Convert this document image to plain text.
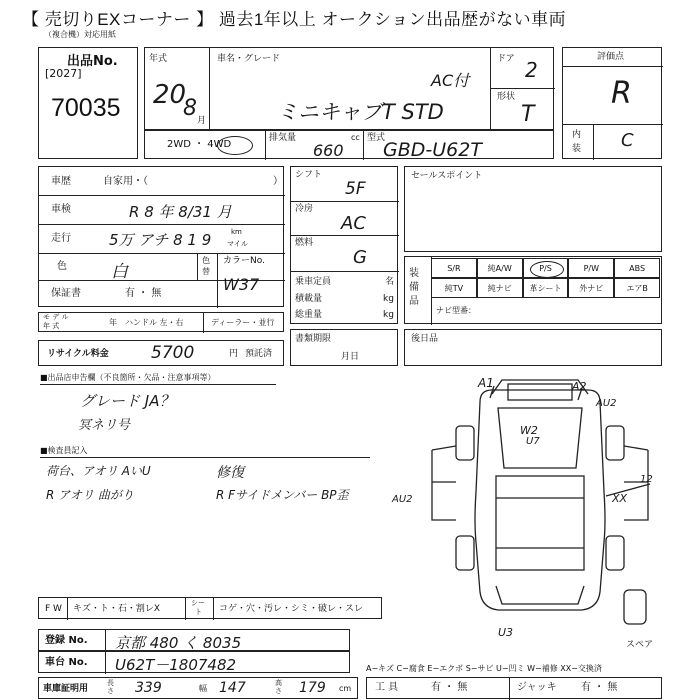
【 売切りEXコーナー 】 過去1年以上 オークション出品歴がない車両
（複合機）対応用紙
出品No.
[2027]
70035
年式
20
8 月
車名・グレード
AC付
ミニキャブT STD
ドア 2
形状
T
2WD ・ 4WD
排気量	cc
660
型式
GBD-U62T
評価点
R
内
装 C
車歴	自家用・（	）
車検	R 8 年 8/31 月
走行	5万 アチ 8 1 9	km
マイル
色	白
色
替
カラーNo.
W37
保証書	有 ・ 無
モ デ ル
年 式	年 ハンドル 左・右	ディーラー・並行
リサイクル料金 5700	円 預託済
シフト
5F
冷房
AC
燃料
G
乗車定員	名
積載量	kg
総重量	kg
書類期限
月日
セールスポイント
装備品
S/R	純A/W	P/S	P/W	ABS
純TV	純ナビ	革シート	外ナビ	エアB
ナビ型番：
後日品
■出品店申告欄（不良箇所・欠品・注意事項等）
グレード JA？
冥ネリ号
■検査員記入
荷台、アオリ AいU
R アオリ 曲がり
修復
R Fサイドメンバー BP歪
A1	A2
AU2
W2
U7
12
XX
AU2
U3
スペア
F W キズ・ト・石・割レX
シー
ト コゲ・穴・汚レ・シミ・破レ・スレ
登録 No. 京都 480 く 8035
車台 No. U62T－1807482	A−キズ C−腐食 E−エクボ S−サビ U−凹ミ W−補修 XX−交換済
車庫証明用
長さ 339	幅 147	高さ 179 cm 工 具	有 ・ 無	ジャッキ 有 ・ 無
